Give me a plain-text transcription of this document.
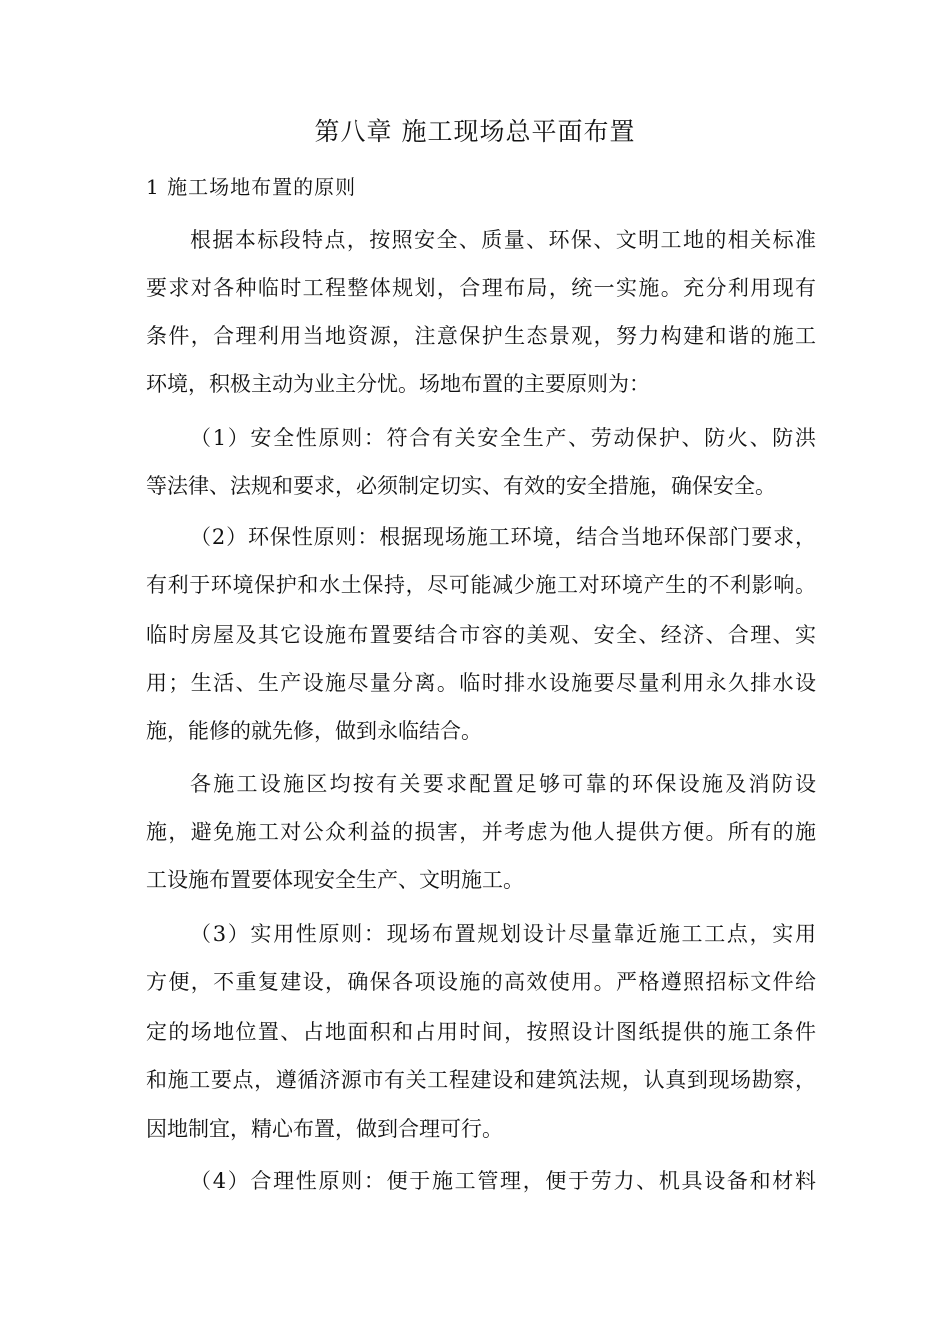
第八章 施工现场总平面布置
1 施工场地布置的原则
根据本标段特点，按照安全、质量、环保、文明工地的相关标准
要求对各种临时工程整体规划，合理布局，统一实施。充分利用现有
条件，合理利用当地资源，注意保护生态景观，努力构建和谐的施工
环境，积极主动为业主分忧。场地布置的主要原则为：
（1）安全性原则：符合有关安全生产、劳动保护、防火、防洪
等法律、法规和要求，必须制定切实、有效的安全措施，确保安全。
（2）环保性原则：根据现场施工环境，结合当地环保部门要求，
有利于环境保护和水土保持，尽可能减少施工对环境产生的不利影响。
临时房屋及其它设施布置要结合市容的美观、安全、经济、合理、实
用；生活、生产设施尽量分离。临时排水设施要尽量利用永久排水设
施，能修的就先修，做到永临结合。
各施工设施区均按有关要求配置足够可靠的环保设施及消防设
施，避免施工对公众利益的损害，并考虑为他人提供方便。所有的施
工设施布置要体现安全生产、文明施工。
（3）实用性原则：现场布置规划设计尽量靠近施工工点，实用
方便，不重复建设，确保各项设施的高效使用。严格遵照招标文件给
定的场地位置、占地面积和占用时间，按照设计图纸提供的施工条件
和施工要点，遵循济源市有关工程建设和建筑法规，认真到现场勘察，
因地制宜，精心布置，做到合理可行。
（4）合理性原则：便于施工管理，便于劳力、机具设备和材料
